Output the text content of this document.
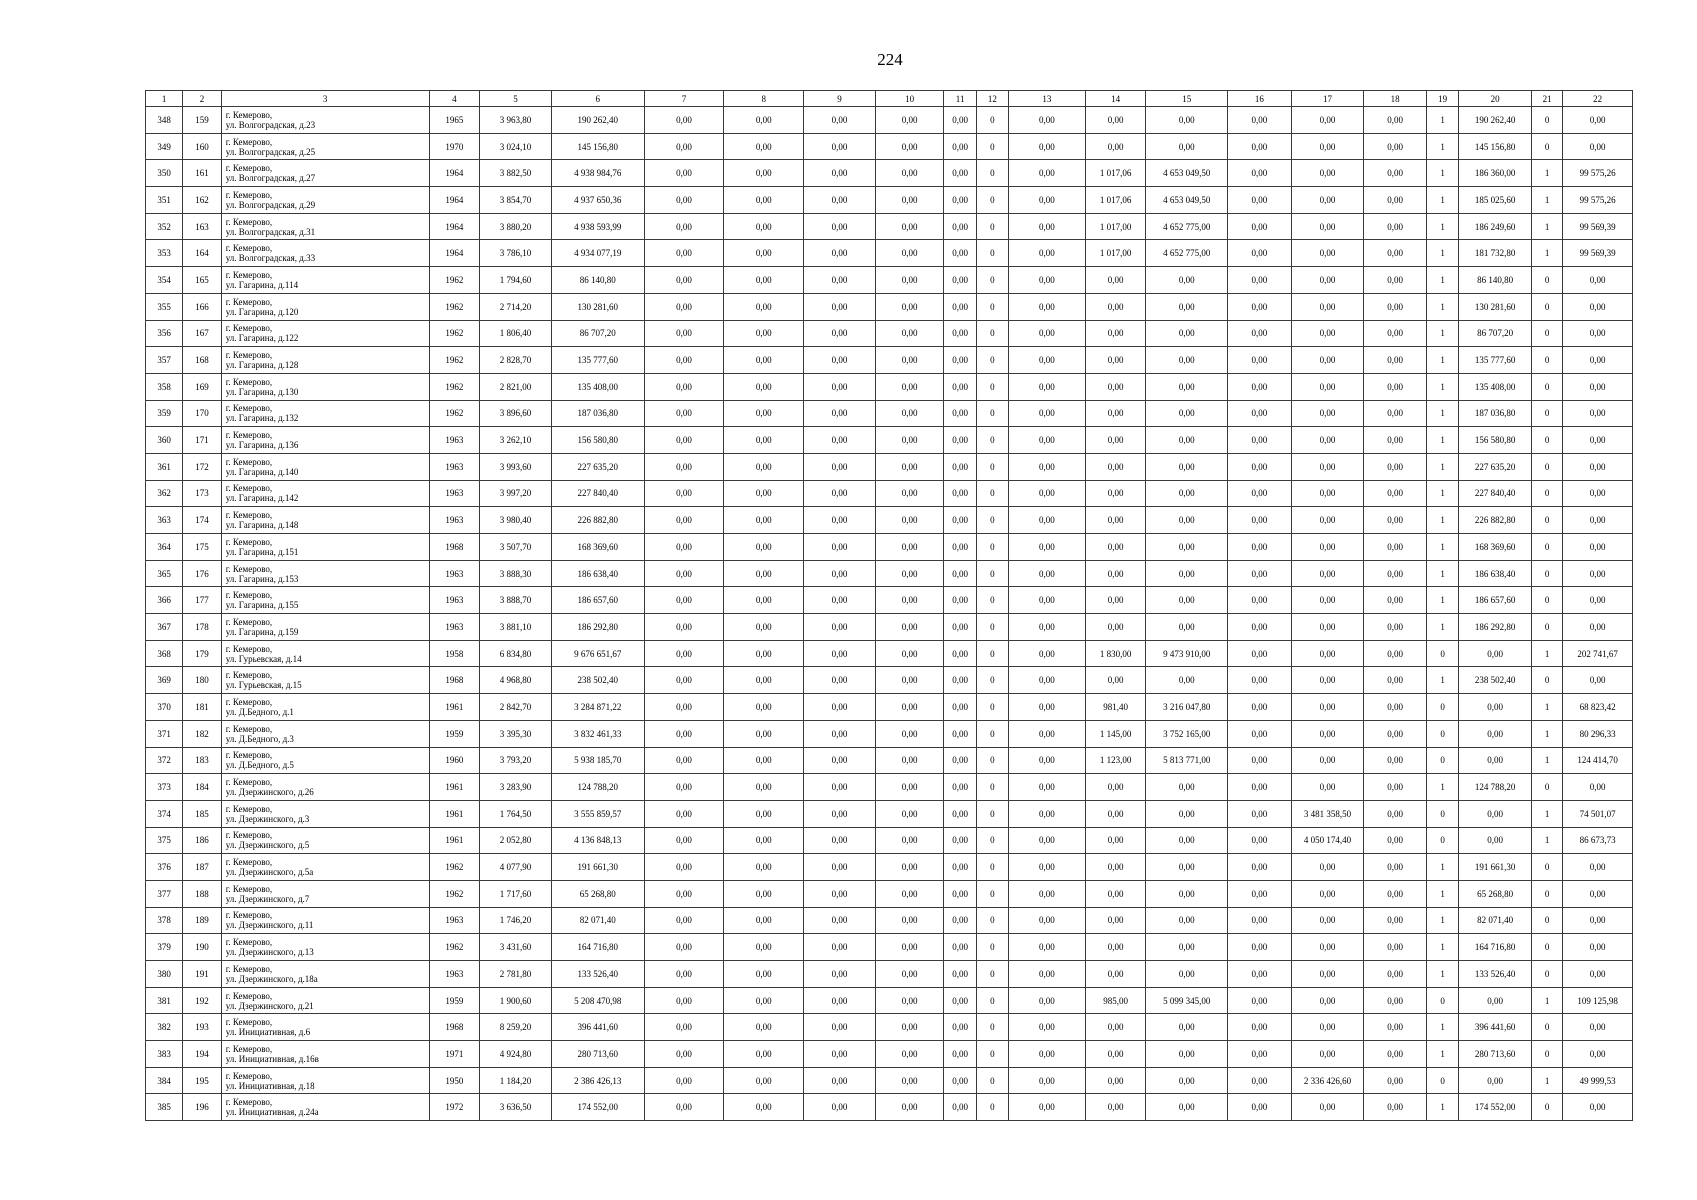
224
1	2	3	4	5	6	7	8	9	10	11	12	13	14	15	16	17	18	19	20	21	22
348	159	г. Кемерово,
ул. Волгоградская, д.23	1965	3 963,80	190 262,40	0,00	0,00	0,00	0,00	0,00	0	0,00	0,00	0,00	0,00	0,00	0,00	1	190 262,40	0	0,00
349	160	г. Кемерово,
ул. Волгоградская, д.25	1970	3 024,10	145 156,80	0,00	0,00	0,00	0,00	0,00	0	0,00	0,00	0,00	0,00	0,00	0,00	1	145 156,80	0	0,00
350	161	г. Кемерово,
ул. Волгоградская, д.27	1964	3 882,50	4 938 984,76	0,00	0,00	0,00	0,00	0,00	0	0,00	1 017,06	4 653 049,50	0,00	0,00	0,00	1	186 360,00	1	99 575,26
351	162	г. Кемерово,
ул. Волгоградская, д.29	1964	3 854,70	4 937 650,36	0,00	0,00	0,00	0,00	0,00	0	0,00	1 017,06	4 653 049,50	0,00	0,00	0,00	1	185 025,60	1	99 575,26
352	163	г. Кемерово,
ул. Волгоградская, д.31	1964	3 880,20	4 938 593,99	0,00	0,00	0,00	0,00	0,00	0	0,00	1 017,00	4 652 775,00	0,00	0,00	0,00	1	186 249,60	1	99 569,39
353	164	г. Кемерово,
ул. Волгоградская, д.33	1964	3 786,10	4 934 077,19	0,00	0,00	0,00	0,00	0,00	0	0,00	1 017,00	4 652 775,00	0,00	0,00	0,00	1	181 732,80	1	99 569,39
354	165	г. Кемерово,
ул. Гагарина, д.114	1962	1 794,60	86 140,80	0,00	0,00	0,00	0,00	0,00	0	0,00	0,00	0,00	0,00	0,00	0,00	1	86 140,80	0	0,00
355	166	г. Кемерово,
ул. Гагарина, д.120	1962	2 714,20	130 281,60	0,00	0,00	0,00	0,00	0,00	0	0,00	0,00	0,00	0,00	0,00	0,00	1	130 281,60	0	0,00
356	167	г. Кемерово,
ул. Гагарина, д.122	1962	1 806,40	86 707,20	0,00	0,00	0,00	0,00	0,00	0	0,00	0,00	0,00	0,00	0,00	0,00	1	86 707,20	0	0,00
357	168	г. Кемерово,
ул. Гагарина, д.128	1962	2 828,70	135 777,60	0,00	0,00	0,00	0,00	0,00	0	0,00	0,00	0,00	0,00	0,00	0,00	1	135 777,60	0	0,00
358	169	г. Кемерово,
ул. Гагарина, д.130	1962	2 821,00	135 408,00	0,00	0,00	0,00	0,00	0,00	0	0,00	0,00	0,00	0,00	0,00	0,00	1	135 408,00	0	0,00
359	170	г. Кемерово,
ул. Гагарина, д.132	1962	3 896,60	187 036,80	0,00	0,00	0,00	0,00	0,00	0	0,00	0,00	0,00	0,00	0,00	0,00	1	187 036,80	0	0,00
360	171	г. Кемерово,
ул. Гагарина, д.136	1963	3 262,10	156 580,80	0,00	0,00	0,00	0,00	0,00	0	0,00	0,00	0,00	0,00	0,00	0,00	1	156 580,80	0	0,00
361	172	г. Кемерово,
ул. Гагарина, д.140	1963	3 993,60	227 635,20	0,00	0,00	0,00	0,00	0,00	0	0,00	0,00	0,00	0,00	0,00	0,00	1	227 635,20	0	0,00
362	173	г. Кемерово,
ул. Гагарина, д.142	1963	3 997,20	227 840,40	0,00	0,00	0,00	0,00	0,00	0	0,00	0,00	0,00	0,00	0,00	0,00	1	227 840,40	0	0,00
363	174	г. Кемерово,
ул. Гагарина, д.148	1963	3 980,40	226 882,80	0,00	0,00	0,00	0,00	0,00	0	0,00	0,00	0,00	0,00	0,00	0,00	1	226 882,80	0	0,00
364	175	г. Кемерово,
ул. Гагарина, д.151	1968	3 507,70	168 369,60	0,00	0,00	0,00	0,00	0,00	0	0,00	0,00	0,00	0,00	0,00	0,00	1	168 369,60	0	0,00
365	176	г. Кемерово,
ул. Гагарина, д.153	1963	3 888,30	186 638,40	0,00	0,00	0,00	0,00	0,00	0	0,00	0,00	0,00	0,00	0,00	0,00	1	186 638,40	0	0,00
366	177	г. Кемерово,
ул. Гагарина, д.155	1963	3 888,70	186 657,60	0,00	0,00	0,00	0,00	0,00	0	0,00	0,00	0,00	0,00	0,00	0,00	1	186 657,60	0	0,00
367	178	г. Кемерово,
ул. Гагарина, д.159	1963	3 881,10	186 292,80	0,00	0,00	0,00	0,00	0,00	0	0,00	0,00	0,00	0,00	0,00	0,00	1	186 292,80	0	0,00
368	179	г. Кемерово,
ул. Гурьевская, д.14	1958	6 834,80	9 676 651,67	0,00	0,00	0,00	0,00	0,00	0	0,00	1 830,00	9 473 910,00	0,00	0,00	0,00	0	0,00	1	202 741,67
369	180	г. Кемерово,
ул. Гурьевская, д.15	1968	4 968,80	238 502,40	0,00	0,00	0,00	0,00	0,00	0	0,00	0,00	0,00	0,00	0,00	0,00	1	238 502,40	0	0,00
370	181	г. Кемерово,
ул. Д.Бедного, д.1	1961	2 842,70	3 284 871,22	0,00	0,00	0,00	0,00	0,00	0	0,00	981,40	3 216 047,80	0,00	0,00	0,00	0	0,00	1	68 823,42
371	182	г. Кемерово,
ул. Д.Бедного, д.3	1959	3 395,30	3 832 461,33	0,00	0,00	0,00	0,00	0,00	0	0,00	1 145,00	3 752 165,00	0,00	0,00	0,00	0	0,00	1	80 296,33
372	183	г. Кемерово,
ул. Д.Бедного, д.5	1960	3 793,20	5 938 185,70	0,00	0,00	0,00	0,00	0,00	0	0,00	1 123,00	5 813 771,00	0,00	0,00	0,00	0	0,00	1	124 414,70
373	184	г. Кемерово,
ул. Дзержинского, д.26	1961	3 283,90	124 788,20	0,00	0,00	0,00	0,00	0,00	0	0,00	0,00	0,00	0,00	0,00	0,00	1	124 788,20	0	0,00
374	185	г. Кемерово,
ул. Дзержинского, д.3	1961	1 764,50	3 555 859,57	0,00	0,00	0,00	0,00	0,00	0	0,00	0,00	0,00	0,00	3 481 358,50	0,00	0	0,00	1	74 501,07
375	186	г. Кемерово,
ул. Дзержинского, д.5	1961	2 052,80	4 136 848,13	0,00	0,00	0,00	0,00	0,00	0	0,00	0,00	0,00	0,00	4 050 174,40	0,00	0	0,00	1	86 673,73
376	187	г. Кемерово,
ул. Дзержинского, д.5а	1962	4 077,90	191 661,30	0,00	0,00	0,00	0,00	0,00	0	0,00	0,00	0,00	0,00	0,00	0,00	1	191 661,30	0	0,00
377	188	г. Кемерово,
ул. Дзержинского, д.7	1962	1 717,60	65 268,80	0,00	0,00	0,00	0,00	0,00	0	0,00	0,00	0,00	0,00	0,00	0,00	1	65 268,80	0	0,00
378	189	г. Кемерово,
ул. Дзержинского, д.11	1963	1 746,20	82 071,40	0,00	0,00	0,00	0,00	0,00	0	0,00	0,00	0,00	0,00	0,00	0,00	1	82 071,40	0	0,00
379	190	г. Кемерово,
ул. Дзержинского, д.13	1962	3 431,60	164 716,80	0,00	0,00	0,00	0,00	0,00	0	0,00	0,00	0,00	0,00	0,00	0,00	1	164 716,80	0	0,00
380	191	г. Кемерово,
ул. Дзержинского, д.18а	1963	2 781,80	133 526,40	0,00	0,00	0,00	0,00	0,00	0	0,00	0,00	0,00	0,00	0,00	0,00	1	133 526,40	0	0,00
381	192	г. Кемерово,
ул. Дзержинского, д.21	1959	1 900,60	5 208 470,98	0,00	0,00	0,00	0,00	0,00	0	0,00	985,00	5 099 345,00	0,00	0,00	0,00	0	0,00	1	109 125,98
382	193	г. Кемерово,
ул. Инициативная, д.6	1968	8 259,20	396 441,60	0,00	0,00	0,00	0,00	0,00	0	0,00	0,00	0,00	0,00	0,00	0,00	1	396 441,60	0	0,00
383	194	г. Кемерово,
ул. Инициативная, д.16в	1971	4 924,80	280 713,60	0,00	0,00	0,00	0,00	0,00	0	0,00	0,00	0,00	0,00	0,00	0,00	1	280 713,60	0	0,00
384	195	г. Кемерово,
ул. Инициативная, д.18	1950	1 184,20	2 386 426,13	0,00	0,00	0,00	0,00	0,00	0	0,00	0,00	0,00	0,00	2 336 426,60	0,00	0	0,00	1	49 999,53
385	196	г. Кемерово,
ул. Инициативная, д.24а	1972	3 636,50	174 552,00	0,00	0,00	0,00	0,00	0,00	0	0,00	0,00	0,00	0,00	0,00	0,00	1	174 552,00	0	0,00
